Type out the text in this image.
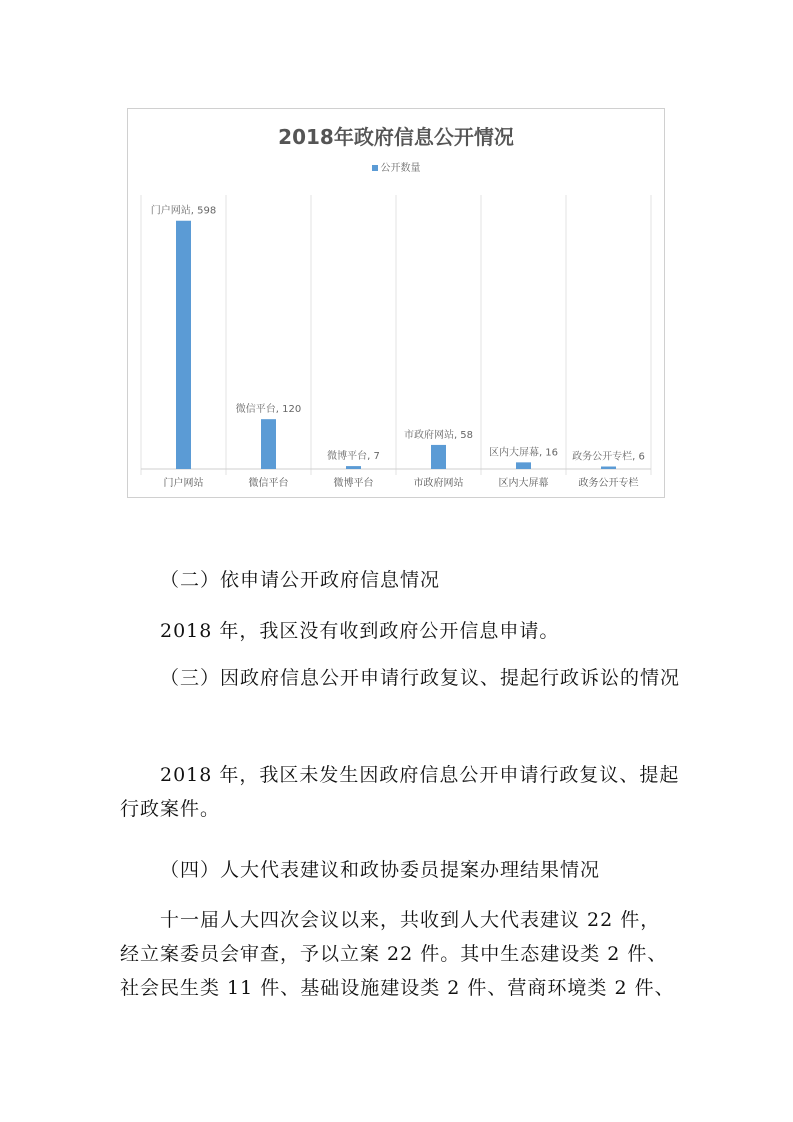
2018年政府信息公开情况
公开数量
门户网站, 598
门户网站
微信平台, 120
微信平台
微博平台, 7
微博平台
市政府网站, 58
市政府网站
区内大屏幕, 16
区内大屏幕
政务公开专栏, 6
政务公开专栏

（二）依申请公开政府信息情况

2018 年，我区没有收到政府公开信息申请。

（三）因政府信息公开申请行政复议、提起行政诉讼的情况

2018 年，我区未发生因政府信息公开申请行政复议、提起行政案件。

（四）人大代表建议和政协委员提案办理结果情况

十一届人大四次会议以来，共收到人大代表建议 22 件，经立案委员会审查，予以立案 22 件。其中生态建设类 2 件、社会民生类 11 件、基础设施建设类 2 件、营商环境类 2 件、
